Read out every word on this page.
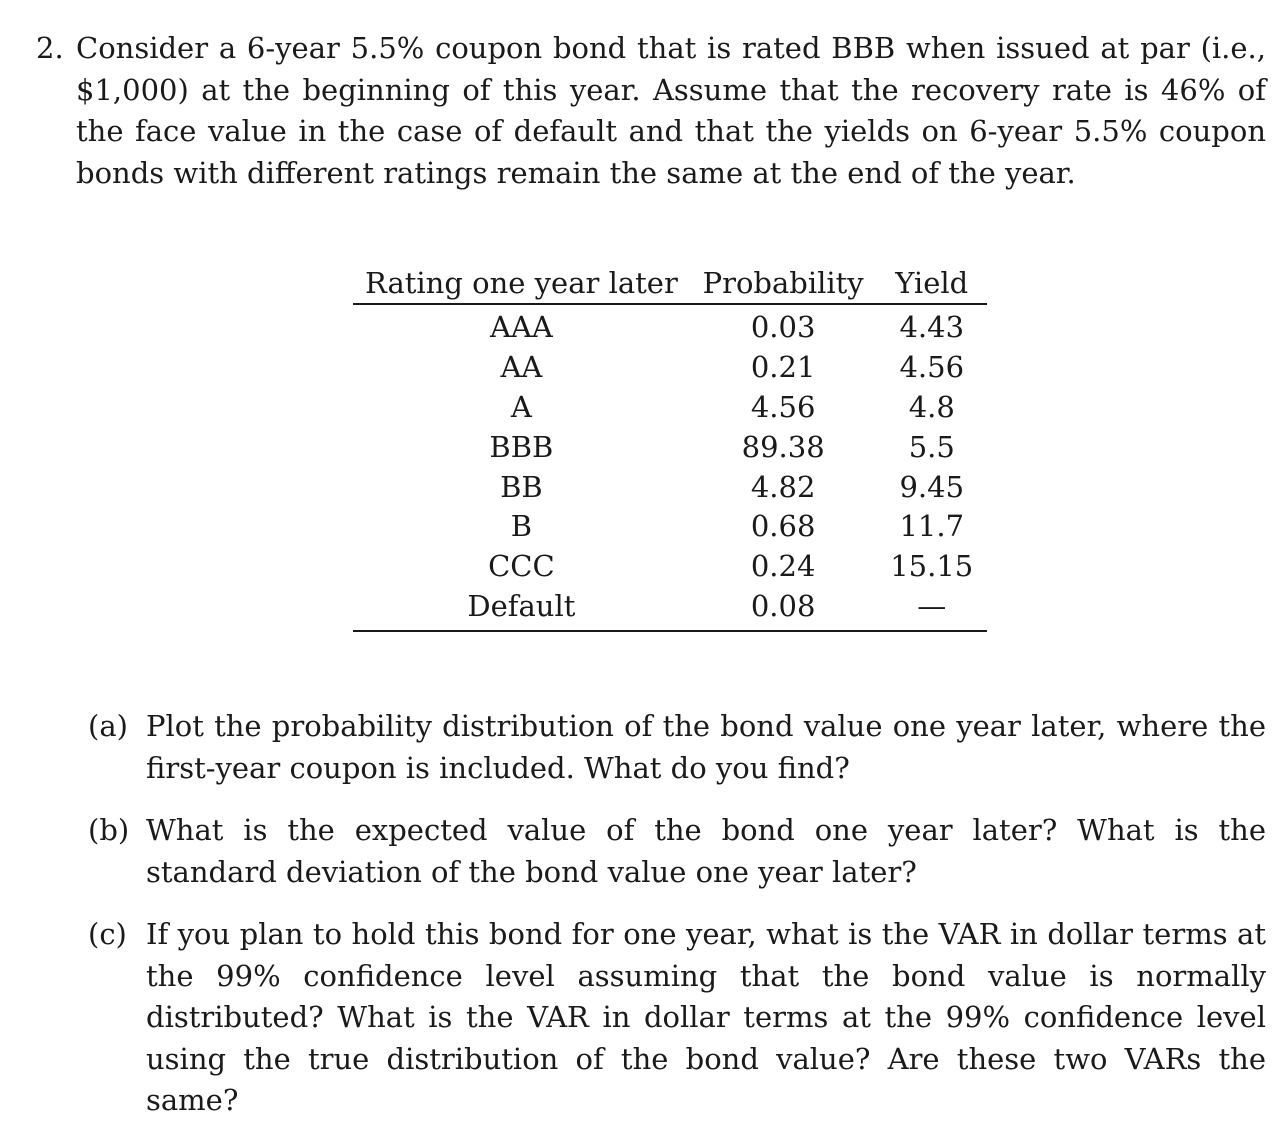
2. Consider a 6-year 5.5% coupon bond that is rated BBB when issued at par (i.e., $1,000) at the beginning of this year. Assume that the recovery rate is 46% of the face value in the case of default and that the yields on 6-year 5.5% coupon bonds with different ratings remain the same at the end of the year.
Rating one year later	Probability	Yield
AAA	0.03	4.43
AA	0.21	4.56
A	4.56	4.8
BBB	89.38	5.5
BB	4.82	9.45
B	0.68	11.7
CCC	0.24	15.15
Default	0.08	—
(a) Plot the probability distribution of the bond value one year later, where the first-year coupon is included. What do you find?
(b) What is the expected value of the bond one year later? What is the standard deviation of the bond value one year later?
(c) If you plan to hold this bond for one year, what is the VAR in dollar terms at the 99% confidence level assuming that the bond value is normally distributed? What is the VAR in dollar terms at the 99% confidence level using the true distribution of the bond value? Are these two VARs the same?
